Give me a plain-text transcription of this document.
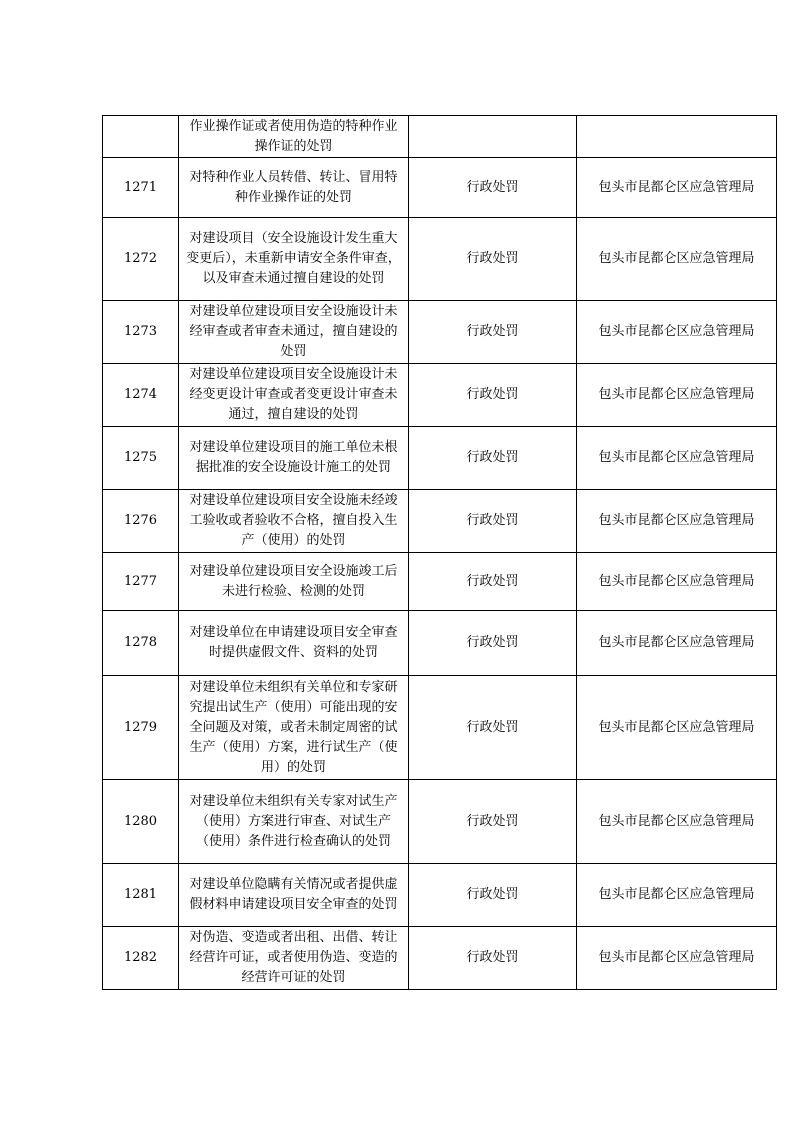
	作业操作证或者使用伪造的特种作业操作证的处罚		
1271	对特种作业人员转借、转让、冒用特种作业操作证的处罚	行政处罚	包头市昆都仑区应急管理局
1272	对建设项目（安全设施设计发生重大变更后），未重新申请安全条件审查，以及审查未通过擅自建设的处罚	行政处罚	包头市昆都仑区应急管理局
1273	对建设单位建设项目安全设施设计未经审查或者审查未通过，擅自建设的处罚	行政处罚	包头市昆都仑区应急管理局
1274	对建设单位建设项目安全设施设计未经变更设计审查或者变更设计审查未通过，擅自建设的处罚	行政处罚	包头市昆都仑区应急管理局
1275	对建设单位建设项目的施工单位未根据批准的安全设施设计施工的处罚	行政处罚	包头市昆都仑区应急管理局
1276	对建设单位建设项目安全设施未经竣工验收或者验收不合格，擅自投入生产（使用）的处罚	行政处罚	包头市昆都仑区应急管理局
1277	对建设单位建设项目安全设施竣工后未进行检验、检测的处罚	行政处罚	包头市昆都仑区应急管理局
1278	对建设单位在申请建设项目安全审查时提供虚假文件、资料的处罚	行政处罚	包头市昆都仑区应急管理局
1279	对建设单位未组织有关单位和专家研究提出试生产（使用）可能出现的安全问题及对策，或者未制定周密的试生产（使用）方案，进行试生产（使用）的处罚	行政处罚	包头市昆都仑区应急管理局
1280	对建设单位未组织有关专家对试生产（使用）方案进行审查、对试生产（使用）条件进行检查确认的处罚	行政处罚	包头市昆都仑区应急管理局
1281	对建设单位隐瞒有关情况或者提供虚假材料申请建设项目安全审查的处罚	行政处罚	包头市昆都仑区应急管理局
1282	对伪造、变造或者出租、出借、转让经营许可证，或者使用伪造、变造的经营许可证的处罚	行政处罚	包头市昆都仑区应急管理局
